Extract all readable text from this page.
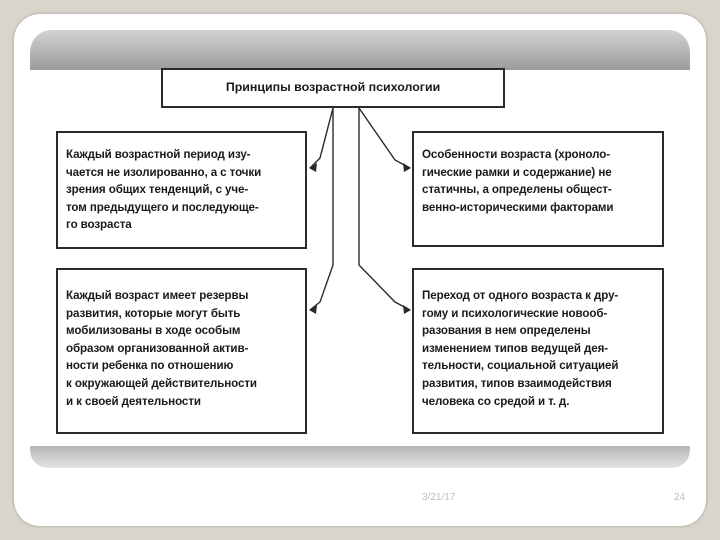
Принципы возрастной психологии
Каждый возрастной период изу-
чается не изолированно, а с точки
зрения общих тенденций, с уче-
том предыдущего и последующе-
го возраста
Особенности возраста (хроноло-
гические рамки и содержание) не
статичны, а определены общест-
венно-историческими факторами
Каждый возраст имеет резервы
развития, которые могут быть
мобилизованы в ходе особым
образом организованной актив-
ности ребенка по отношению
к окружающей действительности
и к своей деятельности
Переход от одного возраста к дру-
гому и психологические новооб-
разования в нем определены
изменением типов ведущей дея-
тельности, социальной ситуацией
развития, типов взаимодействия
человека со средой и т. д.
3/21/17	24
